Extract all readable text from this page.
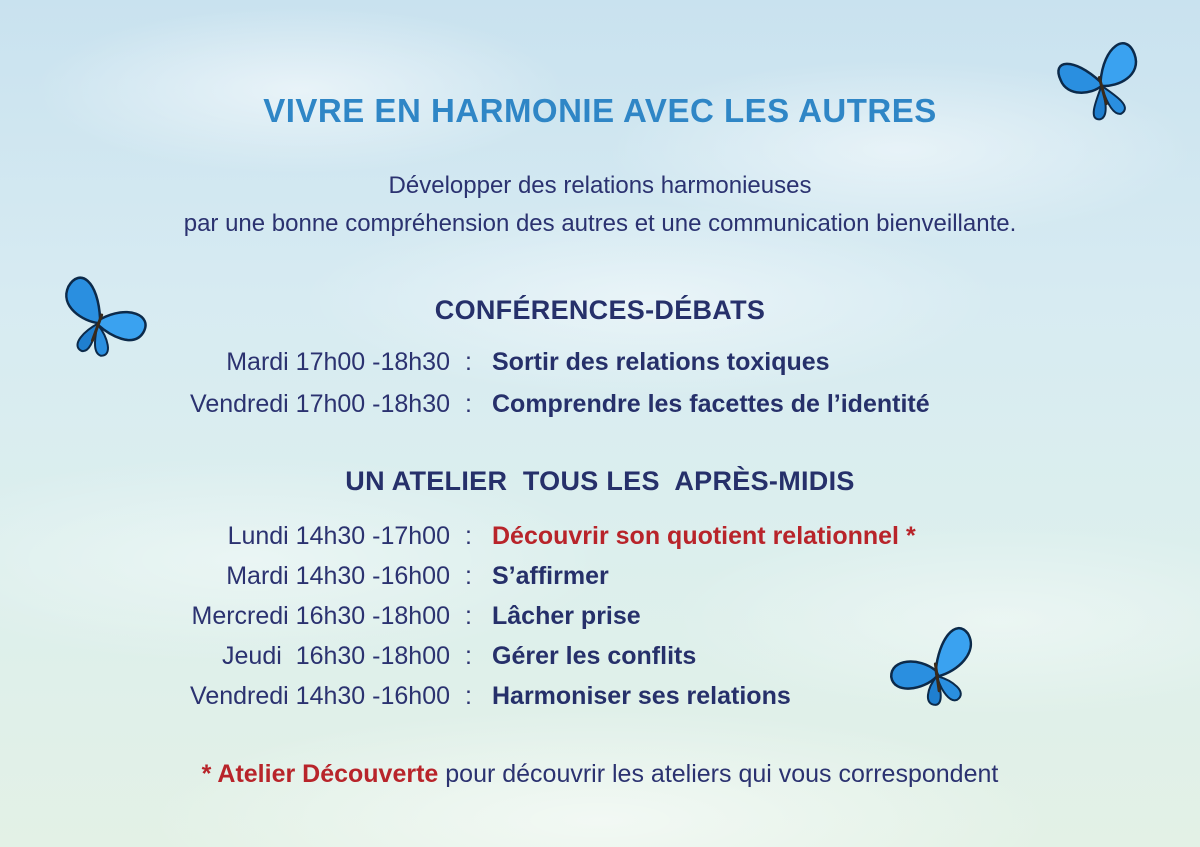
VIVRE EN HARMONIE AVEC LES AUTRES
Développer des relations harmonieuses
par une bonne compréhension des autres et une communication bienveillante.
CONFÉRENCES-DÉBATS
Mardi 17h00 -18h30 : Sortir des relations toxiques
Vendredi 17h00 -18h30 : Comprendre les facettes de l’identité
UN ATELIER  TOUS LES  APRÈS-MIDIS
Lundi 14h30 -17h00 : Découvrir son quotient relationnel *
Mardi 14h30 -16h00 : S’affirmer
Mercredi 16h30 -18h00 : Lâcher prise
Jeudi  16h30 -18h00 : Gérer les conflits
Vendredi 14h30 -16h00 : Harmoniser ses relations
* Atelier Découverte pour découvrir les ateliers qui vous correspondent
